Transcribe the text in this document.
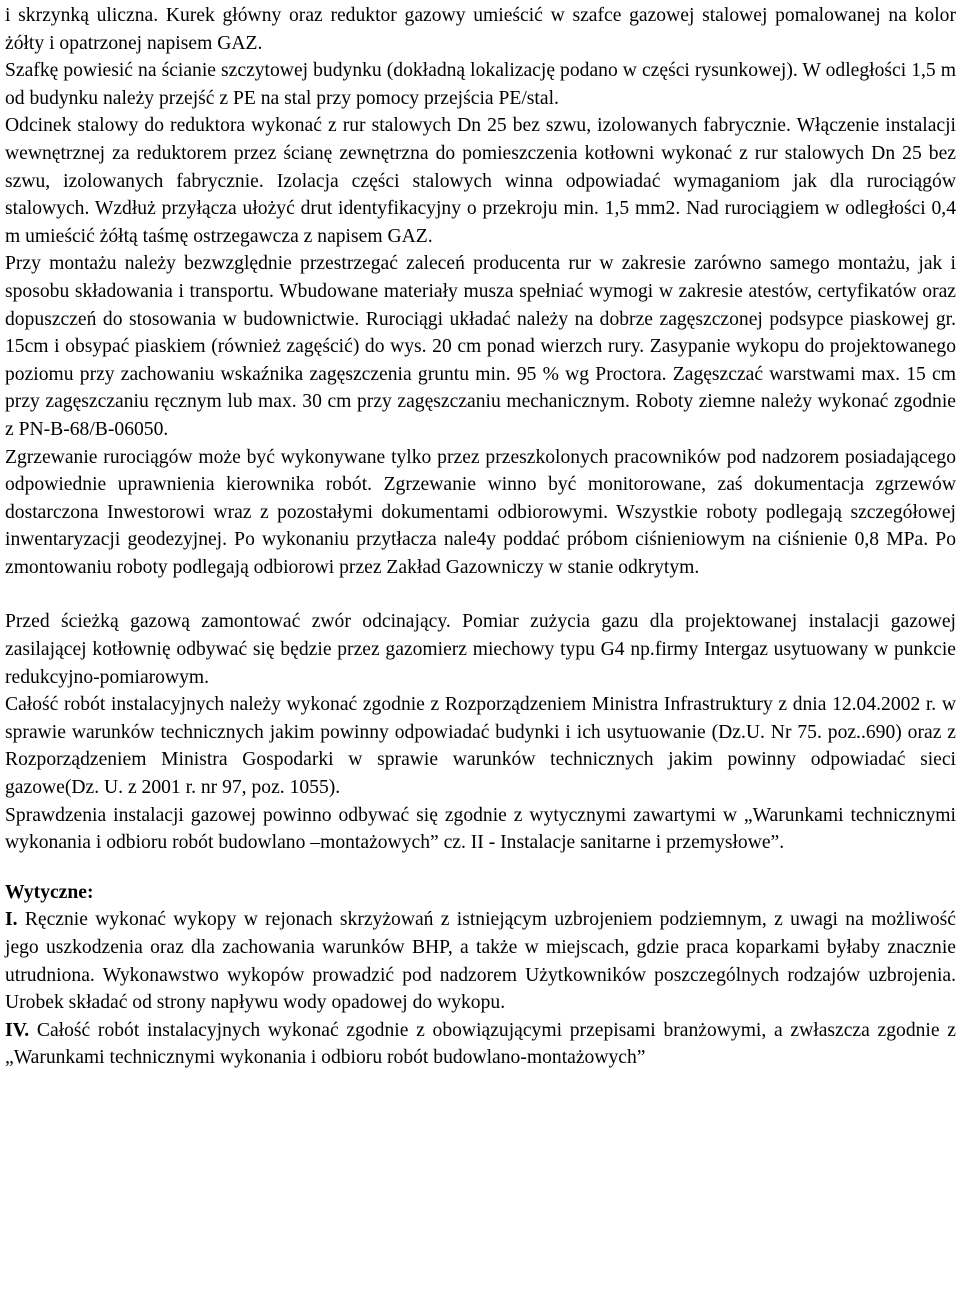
i skrzynką uliczna. Kurek główny oraz reduktor gazowy umieścić w szafce gazowej stalowej pomalowanej na kolor żółty i opatrzonej napisem GAZ.

Szafkę powiesić na ścianie szczytowej budynku (dokładną lokalizację podano w części rysunkowej). W odległości 1,5 m od budynku należy przejść z PE na stal przy pomocy przejścia PE/stal.

Odcinek stalowy do reduktora wykonać z rur stalowych Dn 25 bez szwu, izolowanych fabrycznie. Włączenie instalacji wewnętrznej za reduktorem przez ścianę zewnętrzna do pomieszczenia kotłowni wykonać z rur stalowych Dn 25 bez szwu, izolowanych fabrycznie. Izolacja części stalowych winna odpowiadać wymaganiom jak dla rurociągów stalowych. Wzdłuż przyłącza ułożyć drut identyfikacyjny o przekroju min. 1,5 mm2. Nad rurociągiem w odległości 0,4 m umieścić żółtą taśmę ostrzegawcza z napisem GAZ.

Przy montażu należy bezwzględnie przestrzegać zaleceń producenta rur w zakresie zarówno samego montażu, jak i sposobu składowania i transportu. Wbudowane materiały musza spełniać wymogi w zakresie atestów, certyfikatów oraz dopuszczeń do stosowania w budownictwie. Rurociągi układać należy na dobrze zagęszczonej podsypce piaskowej gr. 15cm i obsypać piaskiem (również zagęścić) do wys. 20 cm ponad wierzch rury. Zasypanie wykopu do projektowanego poziomu przy zachowaniu wskaźnika zagęszczenia gruntu min. 95 % wg Proctora. Zagęszczać warstwami max. 15 cm przy zagęszczaniu ręcznym lub max. 30 cm przy zagęszczaniu mechanicznym. Roboty ziemne należy wykonać zgodnie z PN-B-68/B-06050.

Zgrzewanie rurociągów może być wykonywane tylko przez przeszkolonych pracowników pod nadzorem posiadającego odpowiednie uprawnienia kierownika robót. Zgrzewanie winno być monitorowane, zaś dokumentacja zgrzewów dostarczona Inwestorowi wraz z pozostałymi dokumentami odbiorowymi. Wszystkie roboty podlegają szczegółowej inwentaryzacji geodezyjnej. Po wykonaniu przytłacza nale4y poddać próbom ciśnieniowym na ciśnienie 0,8 MPa. Po zmontowaniu roboty podlegają odbiorowi przez Zakład Gazowniczy w stanie odkrytym.

Przed ścieżką gazową zamontować zwór odcinający. Pomiar zużycia gazu dla projektowanej instalacji gazowej zasilającej kotłownię odbywać się będzie przez gazomierz miechowy typu G4 np.firmy Intergaz usytuowany w punkcie redukcyjno-pomiarowym.

Całość robót instalacyjnych należy wykonać zgodnie z Rozporządzeniem Ministra Infrastruktury z dnia 12.04.2002 r. w sprawie warunków technicznych jakim powinny odpowiadać budynki i ich usytuowanie (Dz.U. Nr 75. poz..690) oraz z Rozporządzeniem Ministra Gospodarki w sprawie warunków technicznych jakim powinny odpowiadać sieci gazowe(Dz. U. z 2001 r. nr 97, poz. 1055).

Sprawdzenia instalacji gazowej powinno odbywać się zgodnie z wytycznymi zawartymi w „Warunkami technicznymi wykonania i odbioru robót budowlano –montażowych” cz. II - Instalacje sanitarne i przemysłowe”.

Wytyczne:

I. Ręcznie wykonać wykopy w rejonach skrzyżowań z istniejącym uzbrojeniem podziemnym, z uwagi na możliwość jego uszkodzenia oraz dla zachowania warunków BHP, a także w miejscach, gdzie praca koparkami byłaby znacznie utrudniona. Wykonawstwo wykopów prowadzić pod nadzorem Użytkowników poszczególnych rodzajów uzbrojenia. Urobek składać od strony napływu wody opadowej do wykopu.

IV. Całość robót instalacyjnych wykonać zgodnie z obowiązującymi przepisami branżowymi, a zwłaszcza zgodnie z „Warunkami technicznymi wykonania i odbioru robót budowlano-montażowych”
